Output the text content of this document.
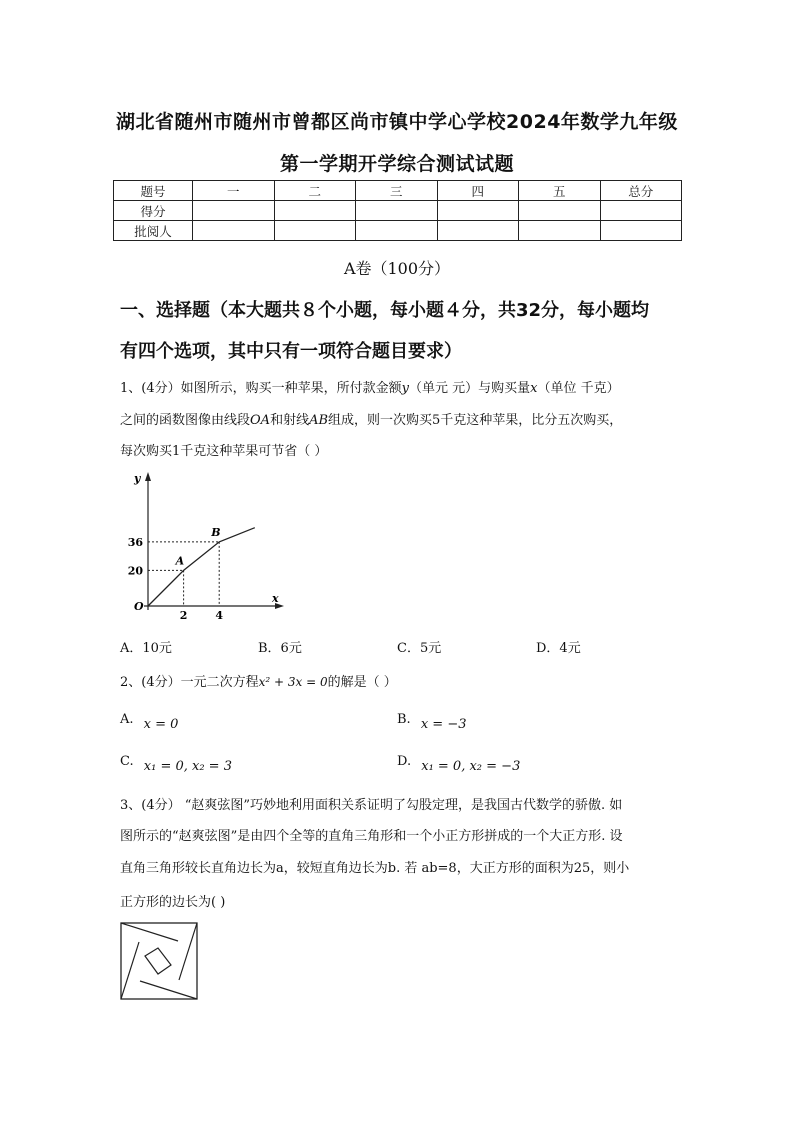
湖北省随州市随州市曾都区尚市镇中学心学校2024年数学九年级
第一学期开学综合测试试题
题号	一	二	三	四	五	总分
得分						
批阅人						
A卷（100分）
一、选择题（本大题共８个小题，每小题４分，共32分，每小题均
有四个选项，其中只有一项符合题目要求）
1、(4分）如图所示，购买一种苹果，所付款金额y（单元 元）与购买量x（单位 千克）
之间的函数图像由线段OA和射线AB组成，则一次购买5千克这种苹果，比分五次购买，
每次购买1千克这种苹果可节省（ ）
x
y
O
A
B
2	4
20
36
A．10元	B．6元	C．5元	D．4元
2、(4分）一元二次方程x² + 3x = 0的解是（ ）
A. x = 0	B. x = −3
C. x₁ = 0, x₂ = 3	D. x₁ = 0, x₂ = −3
3、(4分） “赵爽弦图”巧妙地利用面积关系证明了勾股定理，是我国古代数学的骄傲. 如
图所示的“赵爽弦图”是由四个全等的直角三角形和一个小正方形拼成的一个大正方形. 设
直角三角形较长直角边长为a，较短直角边长为b. 若 ab=8，大正方形的面积为25，则小
正方形的边长为( )
